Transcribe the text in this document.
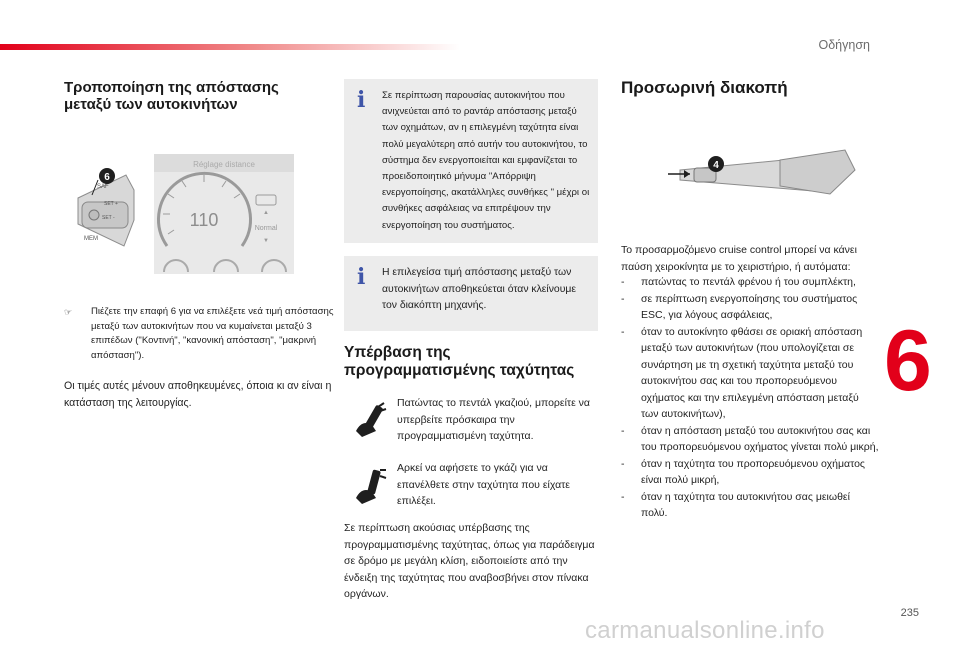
Οδήγηση
Τροποποίηση της απόστασης μεταξύ των αυτοκινήτων
SAF
SET +
SET -
MEM
6
Réglage distance
110	▲
Normal
▼
☞	Πιέζετε την επαφή 6 για να επιλέξετε νεά τιμή απόστασης μεταξύ των αυτοκινήτων που να κυμαίνεται μεταξύ 3 επιπέδων ("Κοντινή", "κανονική απόσταση", "μακρινή απόσταση").

Οι τιμές αυτές μένουν αποθηκευμένες, όποια κι αν είναι η κατάσταση της λειτουργίας.

i Σε περίπτωση παρουσίας αυτοκινήτου που ανιχνεύεται από το ραντάρ απόστασης μεταξύ των οχημάτων, αν η επιλεγμένη ταχύτητα είναι πολύ μεγαλύτερη από αυτήν του αυτοκινήτου, το σύστημα δεν ενεργοποιείται και εμφανίζεται το προειδοποιητικό μήνυμα "Απόρριψη ενεργοποίησης, ακατάλληλες συνθήκες " μέχρι οι συνθήκες ασφάλειας να επιτρέψουν την ενεργοποίηση του συστήματος.

i Η επιλεγείσα τιμή απόστασης μεταξύ των αυτοκινήτων αποθηκεύεται όταν κλείνουμε τον διακόπτη μηχανής.

Υπέρβαση της προγραμματισμένης ταχύτητας

Πατώντας το πεντάλ γκαζιού, μπορείτε να υπερβείτε πρόσκαιρα την προγραμματισμένη ταχύτητα.

Αρκεί να αφήσετε το γκάζι για να επανέλθετε στην ταχύτητα που είχατε επιλέξει.

Σε περίπτωση ακούσιας υπέρβασης της προγραμματισμένης ταχύτητας, όπως για παράδειγμα σε δρόμο με μεγάλη κλίση, ειδοποιείστε από την ένδειξη της ταχύτητας που αναβοσβήνει στον πίνακα οργάνων.

Προσωρινή διακοπή
4

Το προσαρμοζόμενο cruise control μπορεί να κάνει παύση χειροκίνητα με το χειριστήριο, ή αυτόματα:

-	πατώντας το πεντάλ φρένου ή του συμπλέκτη,
-	σε περίπτωση ενεργοποίησης του συστήματος ESC, για λόγους ασφάλειας,
-	όταν το αυτοκίνητο φθάσει σε οριακή απόσταση μεταξύ των αυτοκινήτων (που υπολογίζεται σε συνάρτηση με τη σχετική ταχύτητα μεταξύ του αυτοκινήτου σας και του προπορευόμενου οχήματος και την επιλεγμένη απόσταση μεταξύ των αυτοκινήτων),
-	όταν η απόσταση μεταξύ του αυτοκινήτου σας και του προπορευόμενου οχήματος γίνεται πολύ μικρή,
-	όταν η ταχύτητα του προπορευόμενου οχήματος είναι πολύ μικρή,
-	όταν η ταχύτητα του αυτοκινήτου σας μειωθεί πολύ.
6
235
carmanualsonline.info
